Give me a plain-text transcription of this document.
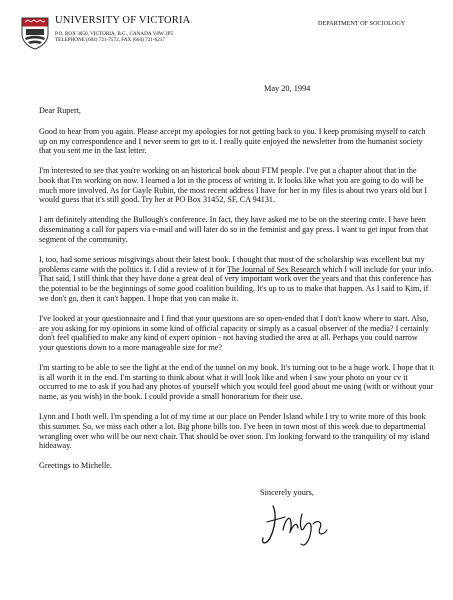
UNIVERSITY OF VICTORIA
P.O. BOX 3050, VICTORIA, B.C., CANADA V8W 3P5
TELEPHONE (604) 721-7572, FAX (604) 721-6217
DEPARTMENT OF SOCIOLOGY
May 20, 1994

Dear Rupert,

Good to hear from you again. Please accept my apologies for not getting back to you. I keep promising myself to catch up on my correspondence and I never seem to get to it. I really quite enjoyed the newsletter from the humanist society that you sent me in the last letter.

I'm interested to see that you're working on an historical book about FTM people. I've put a chapter about that in the book that I'm working on now. I learned a lot in the process of writing it. It looks like what you are going to do will be much more involved. As for Gayle Rubin, the most recent address I have for her in my files is about two years old but I would guess that it's still good. Try her at PO Box 31452, SF, CA 94131.

I am definitely attending the Bullough's conference. In fact, they have asked me to be on the steering cmte. I have been disseminating a call for papers via e-mail and will later do so in the feminist and gay press. I want to get input from that segment of the community.

I, too, had some serious misgivings about their latest book. I thought that most of the scholarship was excellent but my problems came with the politics it. I did a review of it for The Journal of Sex Research which I will include for your info. That said, I still think that they have done a great deal of very important work over the years and that this conference has the potential to be the beginnings of some good coalition building. It's up to us to make that happen. As I said to Kim, if we don't go, then it can't happen. I hope that you can make it.

I've looked at your questionnaire and I find that your questions are so open-ended that I don't know where to start. Also, are you asking for my opinions in some kind of official capacity or simply as a casual observer of the media? I certainly don't feel qualified to make any kind of expert opinion - not having studied the area at all. Perhaps you could narrow your questions down to a more manageable size for me?

I'm starting to be able to see the light at the end of the tunnel on my book. It's turning out to be a huge work. I hope that it is all worth it in the end. I'm starting to think about what it will look like and when I saw your photo on your cv it occurred to me to ask if you had any photos of yourself which you would feel good about me using (with or without your name, as you wish) in the book. I could provide a small honorarium for their use.

Lynn and I both well. I'm spending a lot of my time at our place on Pender Island while I try to write more of this book this summer. So, we miss each other a lot. Big phone bills too. I've been in town most of this week due to departmental wrangling over who will be our next chair. That should be over soon. I'm looking forward to the tranquility of my island hideaway.

Greetings to Michelle.

Sincerely yours,
